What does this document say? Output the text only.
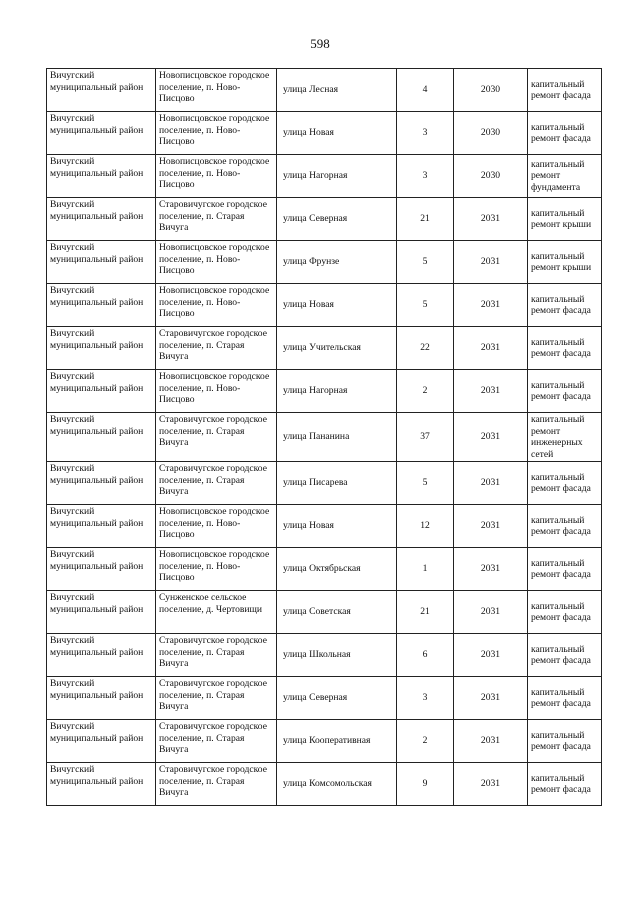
598
Вичугский муниципальный район	Новописцовское городское поселение, п. Ново-Писцово	улица Лесная	4	2030	капитальный ремонт фасада
Вичугский муниципальный район	Новописцовское городское поселение, п. Ново-Писцово	улица Новая	3	2030	капитальный ремонт фасада
Вичугский муниципальный район	Новописцовское городское поселение, п. Ново-Писцово	улица Нагорная	3	2030	капитальный ремонт фундамента
Вичугский муниципальный район	Старовичугское городское поселение, п. Старая Вичуга	улица Северная	21	2031	капитальный ремонт крыши
Вичугский муниципальный район	Новописцовское городское поселение, п. Ново-Писцово	улица Фрунзе	5	2031	капитальный ремонт крыши
Вичугский муниципальный район	Новописцовское городское поселение, п. Ново-Писцово	улица Новая	5	2031	капитальный ремонт фасада
Вичугский муниципальный район	Старовичугское городское поселение, п. Старая Вичуга	улица Учительская	22	2031	капитальный ремонт фасада
Вичугский муниципальный район	Новописцовское городское поселение, п. Ново-Писцово	улица Нагорная	2	2031	капитальный ремонт фасада
Вичугский муниципальный район	Старовичугское городское поселение, п. Старая Вичуга	улица Пананина	37	2031	капитальный ремонт инженерных сетей
Вичугский муниципальный район	Старовичугское городское поселение, п. Старая Вичуга	улица Писарева	5	2031	капитальный ремонт фасада
Вичугский муниципальный район	Новописцовское городское поселение, п. Ново-Писцово	улица Новая	12	2031	капитальный ремонт фасада
Вичугский муниципальный район	Новописцовское городское поселение, п. Ново-Писцово	улица Октябрьская	1	2031	капитальный ремонт фасада
Вичугский муниципальный район	Сунженское сельское поселение, д. Чертовищи	улица Советская	21	2031	капитальный ремонт фасада
Вичугский муниципальный район	Старовичугское городское поселение, п. Старая Вичуга	улица Школьная	6	2031	капитальный ремонт фасада
Вичугский муниципальный район	Старовичугское городское поселение, п. Старая Вичуга	улица Северная	3	2031	капитальный ремонт фасада
Вичугский муниципальный район	Старовичугское городское поселение, п. Старая Вичуга	улица Кооперативная	2	2031	капитальный ремонт фасада
Вичугский муниципальный район	Старовичугское городское поселение, п. Старая Вичуга	улица Комсомольская	9	2031	капитальный ремонт фасада
